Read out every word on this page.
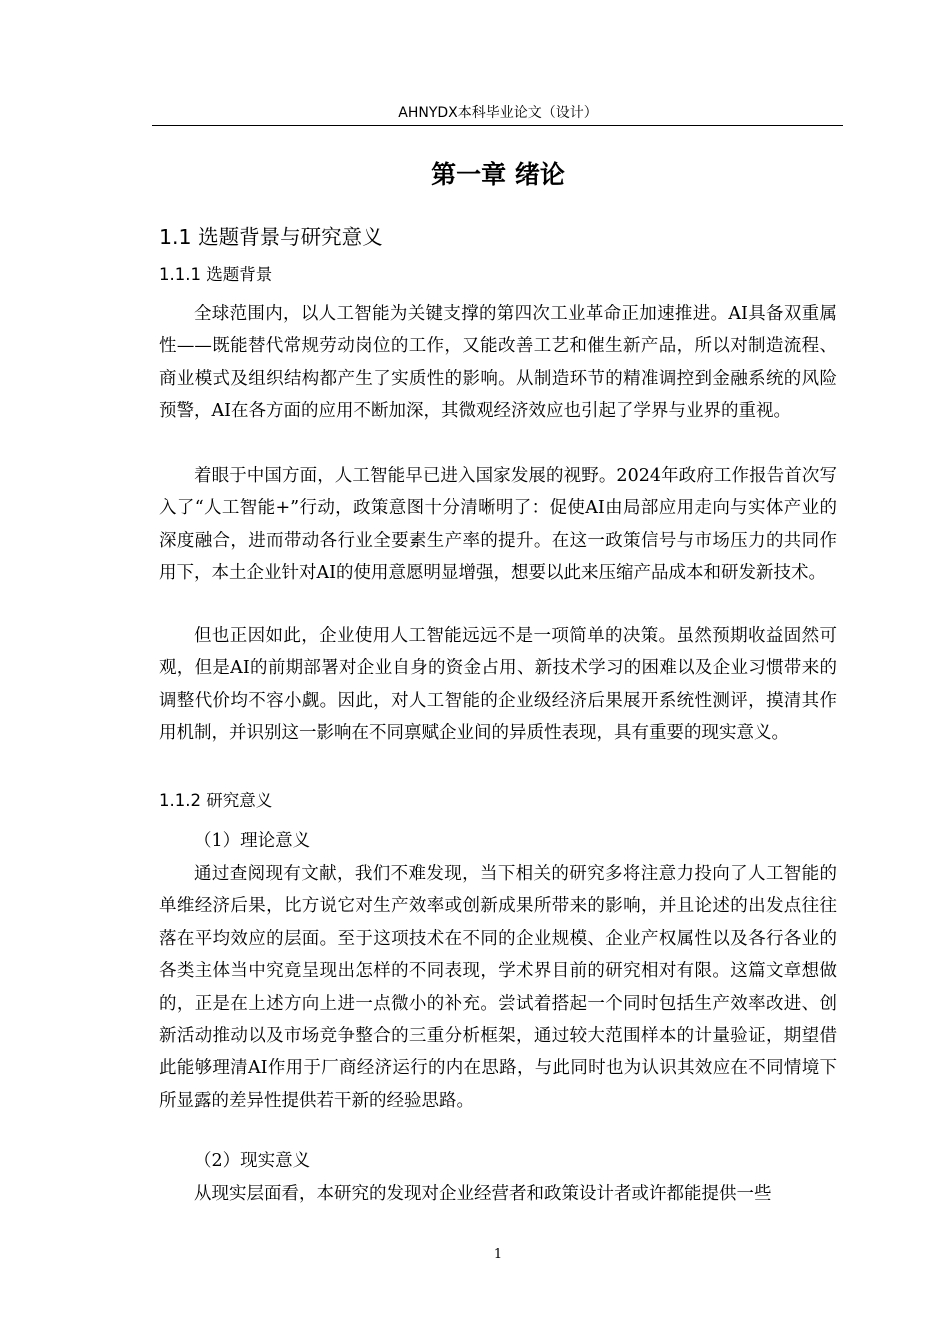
AHNYDX本科毕业论文（设计）
第一章 绪论
1.1 选题背景与研究意义
1.1.1 选题背景

全球范围内，以人工智能为关键支撑的第四次工业革命正加速推进。AI具备双重属性——既能替代常规劳动岗位的工作，又能改善工艺和催生新产品，所以对制造流程、商业模式及组织结构都产生了实质性的影响。从制造环节的精准调控到金融系统的风险预警，AI在各方面的应用不断加深，其微观经济效应也引起了学界与业界的重视。

着眼于中国方面，人工智能早已进入国家发展的视野。2024年政府工作报告首次写入了“人工智能+”行动，政策意图十分清晰明了：促使AI由局部应用走向与实体产业的深度融合，进而带动各行业全要素生产率的提升。在这一政策信号与市场压力的共同作用下，本土企业针对AI的使用意愿明显增强，想要以此来压缩产品成本和研发新技术。

但也正因如此，企业使用人工智能远远不是一项简单的决策。虽然预期收益固然可观，但是AI的前期部署对企业自身的资金占用、新技术学习的困难以及企业习惯带来的调整代价均不容小觑。因此，对人工智能的企业级经济后果展开系统性测评，摸清其作用机制，并识别这一影响在不同禀赋企业间的异质性表现，具有重要的现实意义。

1.1.2 研究意义
（1）理论意义

通过查阅现有文献，我们不难发现，当下相关的研究多将注意力投向了人工智能的单维经济后果，比方说它对生产效率或创新成果所带来的影响，并且论述的出发点往往落在平均效应的层面。至于这项技术在不同的企业规模、企业产权属性以及各行各业的各类主体当中究竟呈现出怎样的不同表现，学术界目前的研究相对有限。这篇文章想做的，正是在上述方向上进一点微小的补充。尝试着搭起一个同时包括生产效率改进、创新活动推动以及市场竞争整合的三重分析框架，通过较大范围样本的计量验证，期望借此能够理清AI作用于厂商经济运行的内在思路，与此同时也为认识其效应在不同情境下所显露的差异性提供若干新的经验思路。

（2）现实意义

从现实层面看，本研究的发现对企业经营者和政策设计者或许都能提供一些

1
